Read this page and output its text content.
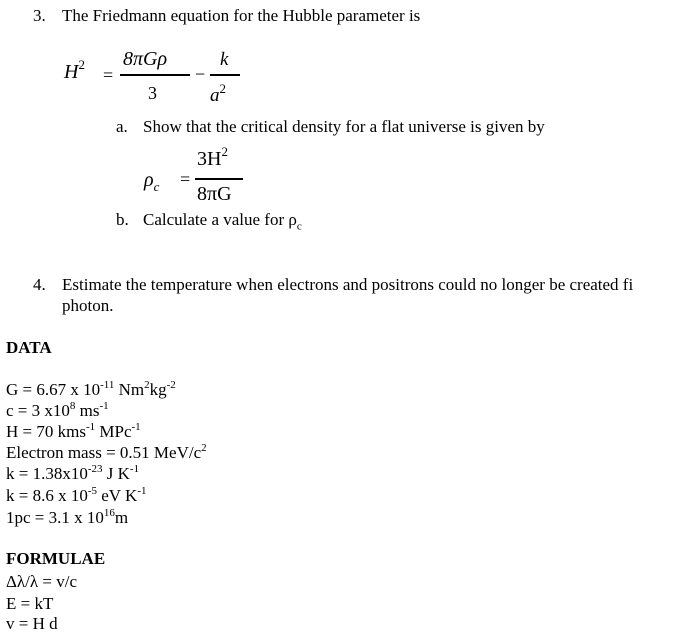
3. The Friedmann equation for the Hubble parameter is
$H^2$
=
8πGρ
3
−
k
$a^2$
a. Show that the critical density for a flat universe is given by
$\rho_c$ =
$3H^2$
8πG
b. Calculate a value for $\rho_c$
4. Estimate the temperature when electrons and positrons could no longer be created fi
photon.
DATA
G = 6.67 x $10^{-11}$ $Nm^2kg^{-2}$
c = 3 $x10^8$ $ms^{-1}$
H = 70 kms$^{-1}$ MPc$^{-1}$
Electron mass = 0.51 MeV/$c^2$
$k = 1.38x10^{-23}$ J $K^{-1}$
k = 8.6 x $10^{-5}$ eV $K^{-1}$
1pc = 3.1 x $10^{16}m$
FORMULAE
Δλ/λ = v/c
E = kT
v = H d
